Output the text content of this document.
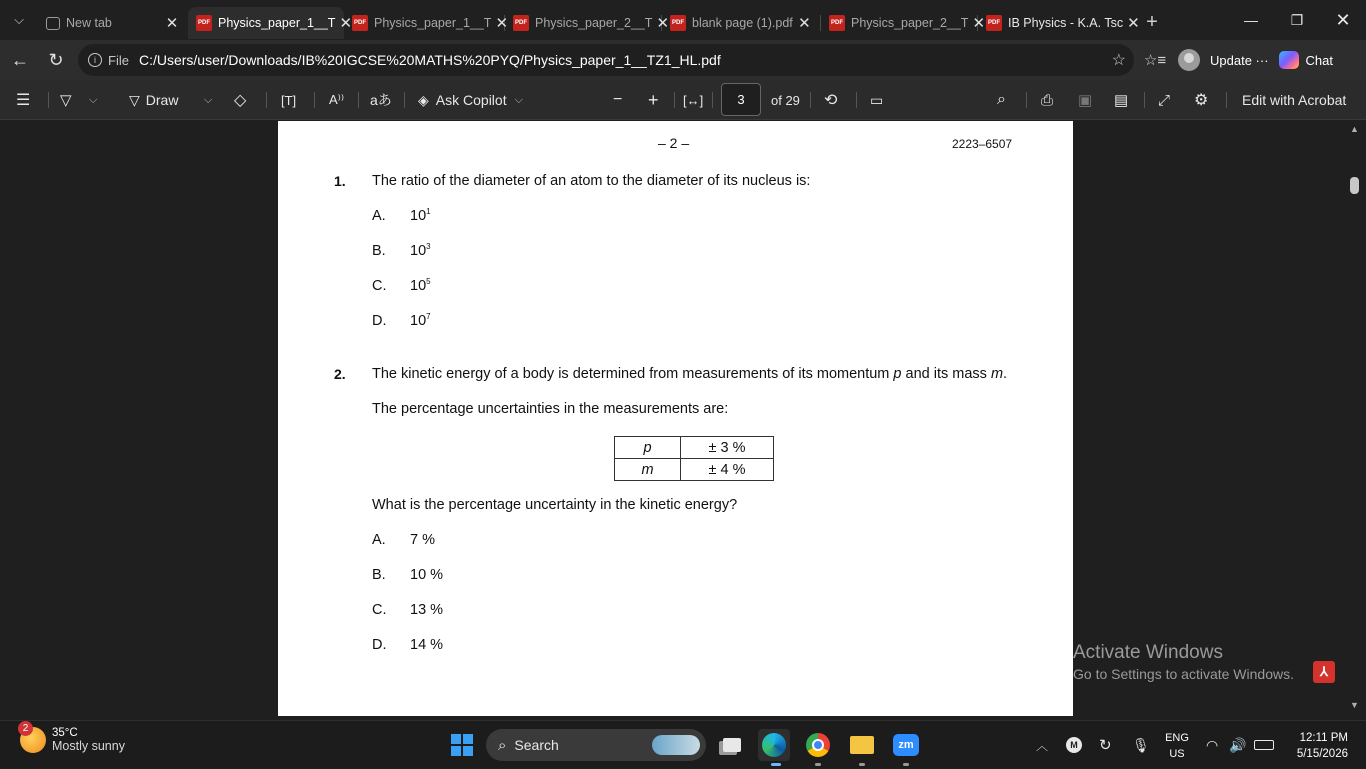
⌵	New tab	✕	PDF Physics_paper_1__T ✕ PDF Physics_paper_1__T ✕	PDF Physics_paper_2__T ✕ PDF blank page (1).pdf ✕	PDF Physics_paper_2__T ✕ PDF IB Physics - K.A. Tsc ✕ +	—	❐	✕
←	↻	i File C:/Users/user/Downloads/IB%20IGCSE%20MATHS%20PYQ/Physics_paper_1__TZ1_HL.pdf	☆ ☆≡	Update ···	Chat
☰ ▽ ⌵ ▽ Draw ⌵ ◇	[T]	A⁾⁾ aあ ◈ Ask Copilot ⌵	− + [↔]
3	of 29 ⟲ ▭	⌕ ⎙ ▣ ▤ ⤢ ⚙ Edit with Acrobat
– 2 –	2223–6507
1. The ratio of the diameter of an atom to the diameter of its nucleus is:
A. $10^1$
B. $10^3$
C. $10^5$
D. $10^7$
2. The kinetic energy of a body is determined from measurements of its momentum p and its mass m.
The percentage uncertainties in the measurements are:
p	± 3 %
m	± 4 %
What is the percentage uncertainty in the kinetic energy?
A. 7 %
B. 10 %
C. 13 %
D. 14 %
▲
▼
Activate Windows
Go to Settings to activate Windows.	⅄
2	35°C
Mostly sunny	⌕ Search	zm	︿	M ↻ 🎙 ENG
US
◠ 🔊	12:11 PM
5/15/2026
